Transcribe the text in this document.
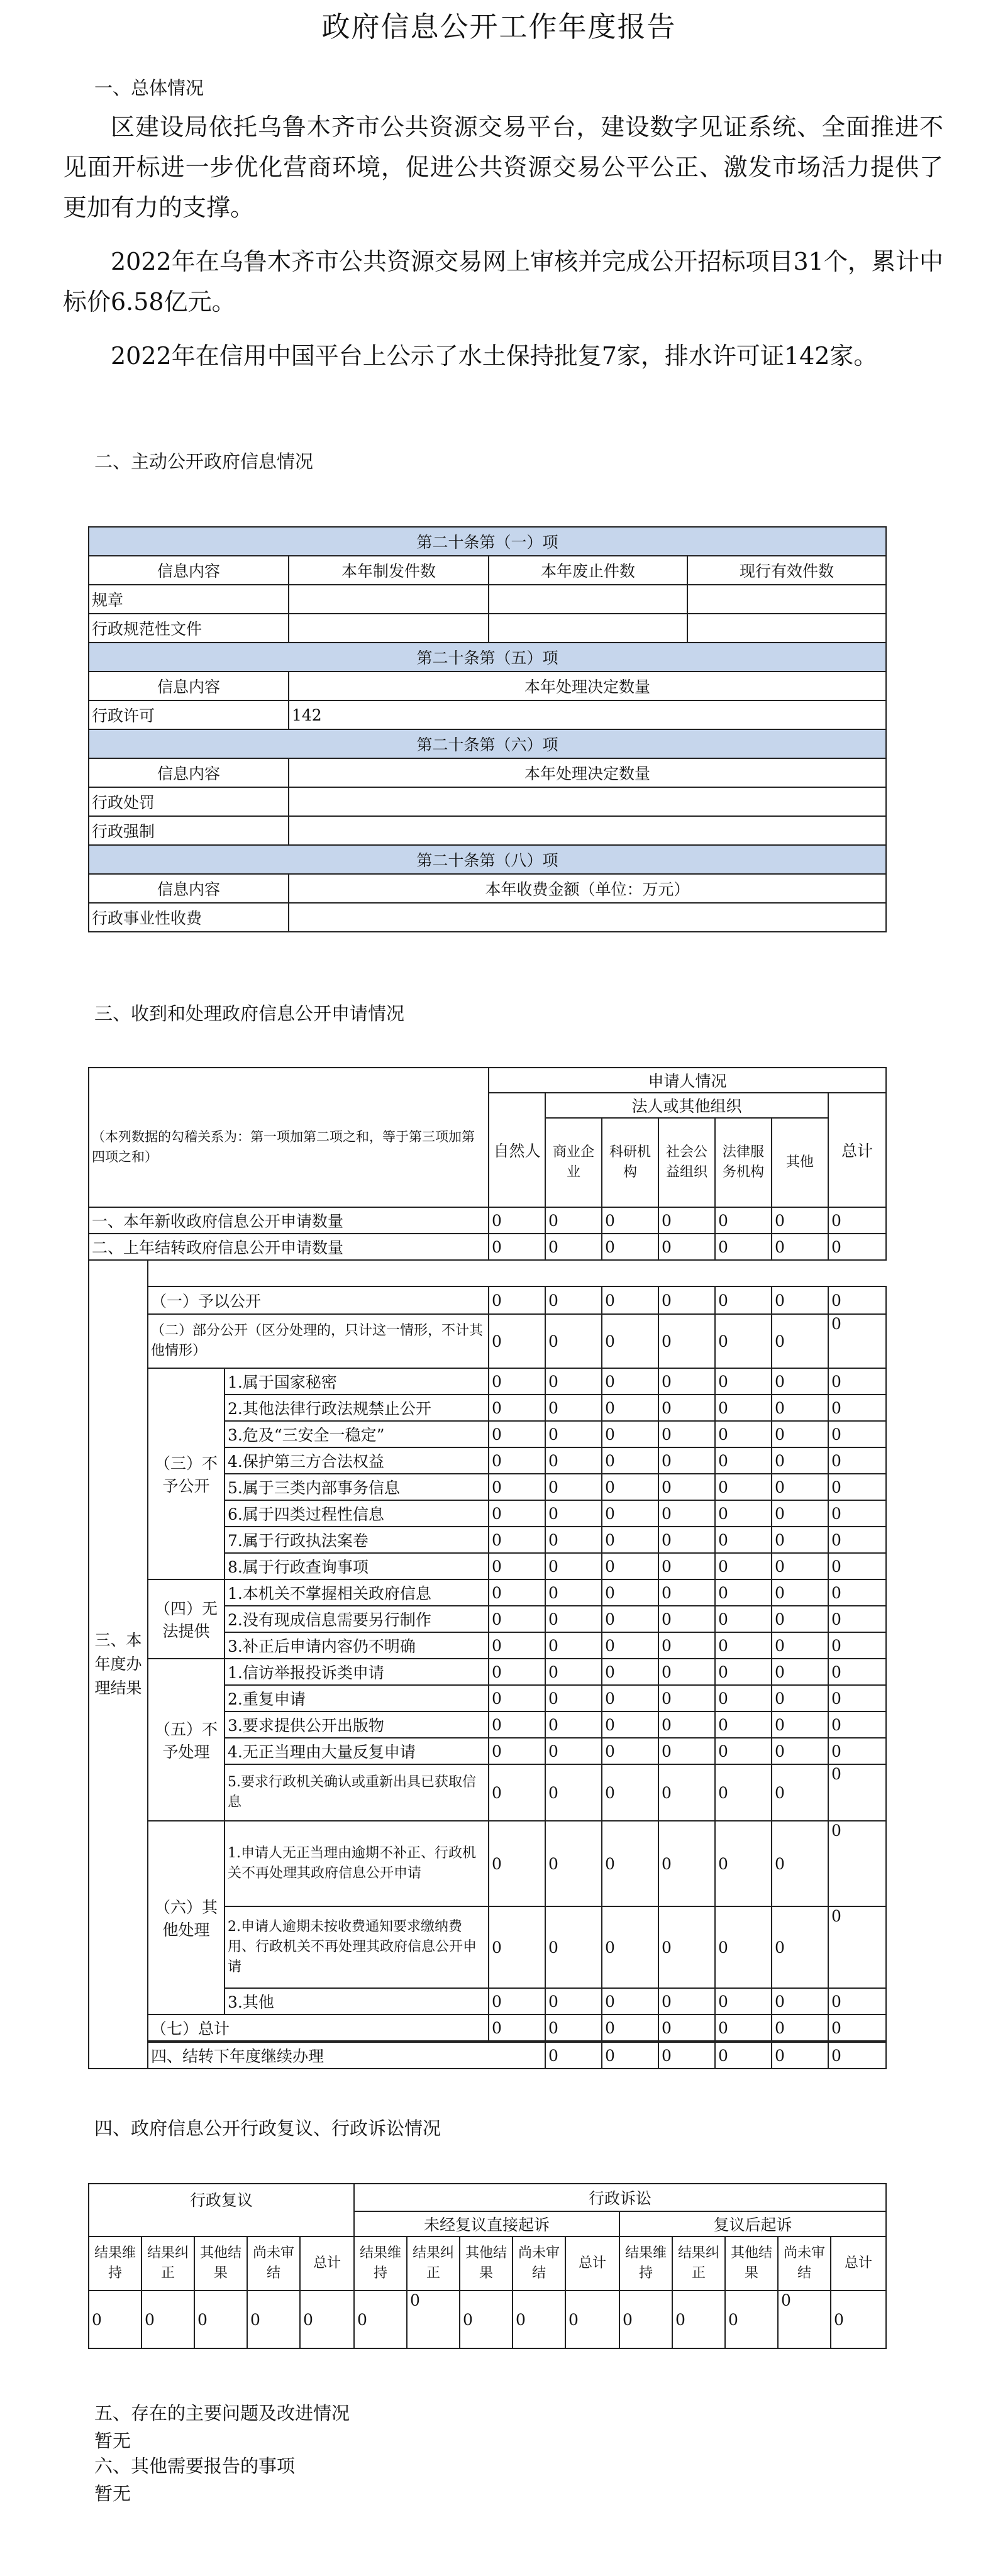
政府信息公开工作年度报告
一、总体情况
区建设局依托乌鲁木齐市公共资源交易平台，建设数字见证系统、全面推进不见面开标进一步优化营商环境，促进公共资源交易公平公正、激发市场活力提供了更加有力的支撑。
2022年在乌鲁木齐市公共资源交易网上审核并完成公开招标项目31个，累计中标价6.58亿元。
2022年在信用中国平台上公示了水土保持批复7家，排水许可证142家。
二、主动公开政府信息情况
第二十条第（一）项			
信息内容	本年制发件数	本年废止件数	现行有效件数
规章			
行政规范性文件			
第二十条第（五）项			
信息内容	本年处理决定数量		
行政许可	142		
第二十条第（六）项			
信息内容	本年处理决定数量		
行政处罚			
行政强制			
第二十条第（八）项			
信息内容	本年收费金额（单位：万元）		
行政事业性收费			
三、收到和处理政府信息公开申请情况
（本列数据的勾稽关系为：第一项加第二项之和，等于第三项加第四项之和）			申请人情况							
			自然人	法人或其他组织					总计	
				商业企业	科研机构	社会公益组织	法律服务机构	其他		
一、本年新收政府信息公开申请数量			0	0	0	0	0	0	0	
二、上年结转政府信息公开申请数量			0	0	0	0	0	0	0	
三、本年度办理结果										
	（一）予以公开		0	0	0	0	0	0	0	
	（二）部分公开（区分处理的，只计这一情形，不计其他情形）		0	0	0	0	0	0	0	
	（三）不予公开	1.属于国家秘密	0	0	0	0	0	0	0	
		2.其他法律行政法规禁止公开	0	0	0	0	0	0	0	
		3.危及“三安全一稳定”	0	0	0	0	0	0	0	
		4.保护第三方合法权益	0	0	0	0	0	0	0	
		5.属于三类内部事务信息	0	0	0	0	0	0	0	
		6.属于四类过程性信息	0	0	0	0	0	0	0	
		7.属于行政执法案卷	0	0	0	0	0	0	0	
		8.属于行政查询事项	0	0	0	0	0	0	0	
	（四）无法提供	1.本机关不掌握相关政府信息	0	0	0	0	0	0	0	
		2.没有现成信息需要另行制作	0	0	0	0	0	0	0	
		3.补正后申请内容仍不明确	0	0	0	0	0	0	0	
	（五）不予处理	1.信访举报投诉类申请	0	0	0	0	0	0	0	
		2.重复申请	0	0	0	0	0	0	0	
		3.要求提供公开出版物	0	0	0	0	0	0	0	
		4.无正当理由大量反复申请	0	0	0	0	0	0	0	
		5.要求行政机关确认或重新出具已获取信息	0	0	0	0	0	0	0	
	（六）其他处理	1.申请人无正当理由逾期不补正、行政机关不再处理其政府信息公开申请	0	0	0	0	0	0	0	
		2.申请人逾期未按收费通知要求缴纳费用、行政机关不再处理其政府信息公开申请	0	0	0	0	0	0	0	
		3.其他	0	0	0	0	0	0	0	
	（七）总计		0	0	0	0	0	0	0	

	四、结转下年度继续办理			0	0	0	0	0	0	
四、政府信息公开行政复议、行政诉讼情况
行政复议					行政诉讼									
					未经复议直接起诉					复议后起诉				
结果维持	结果纠正	其他结果	尚未审结	总计	结果维持	结果纠正	其他结果	尚未审结	总计	结果维持	结果纠正	其他结果	尚未审结	总计
0	0	0	0	0	0	0	0	0	0	0	0	0	0	0
五、存在的主要问题及改进情况
暂无
六、其他需要报告的事项
暂无
